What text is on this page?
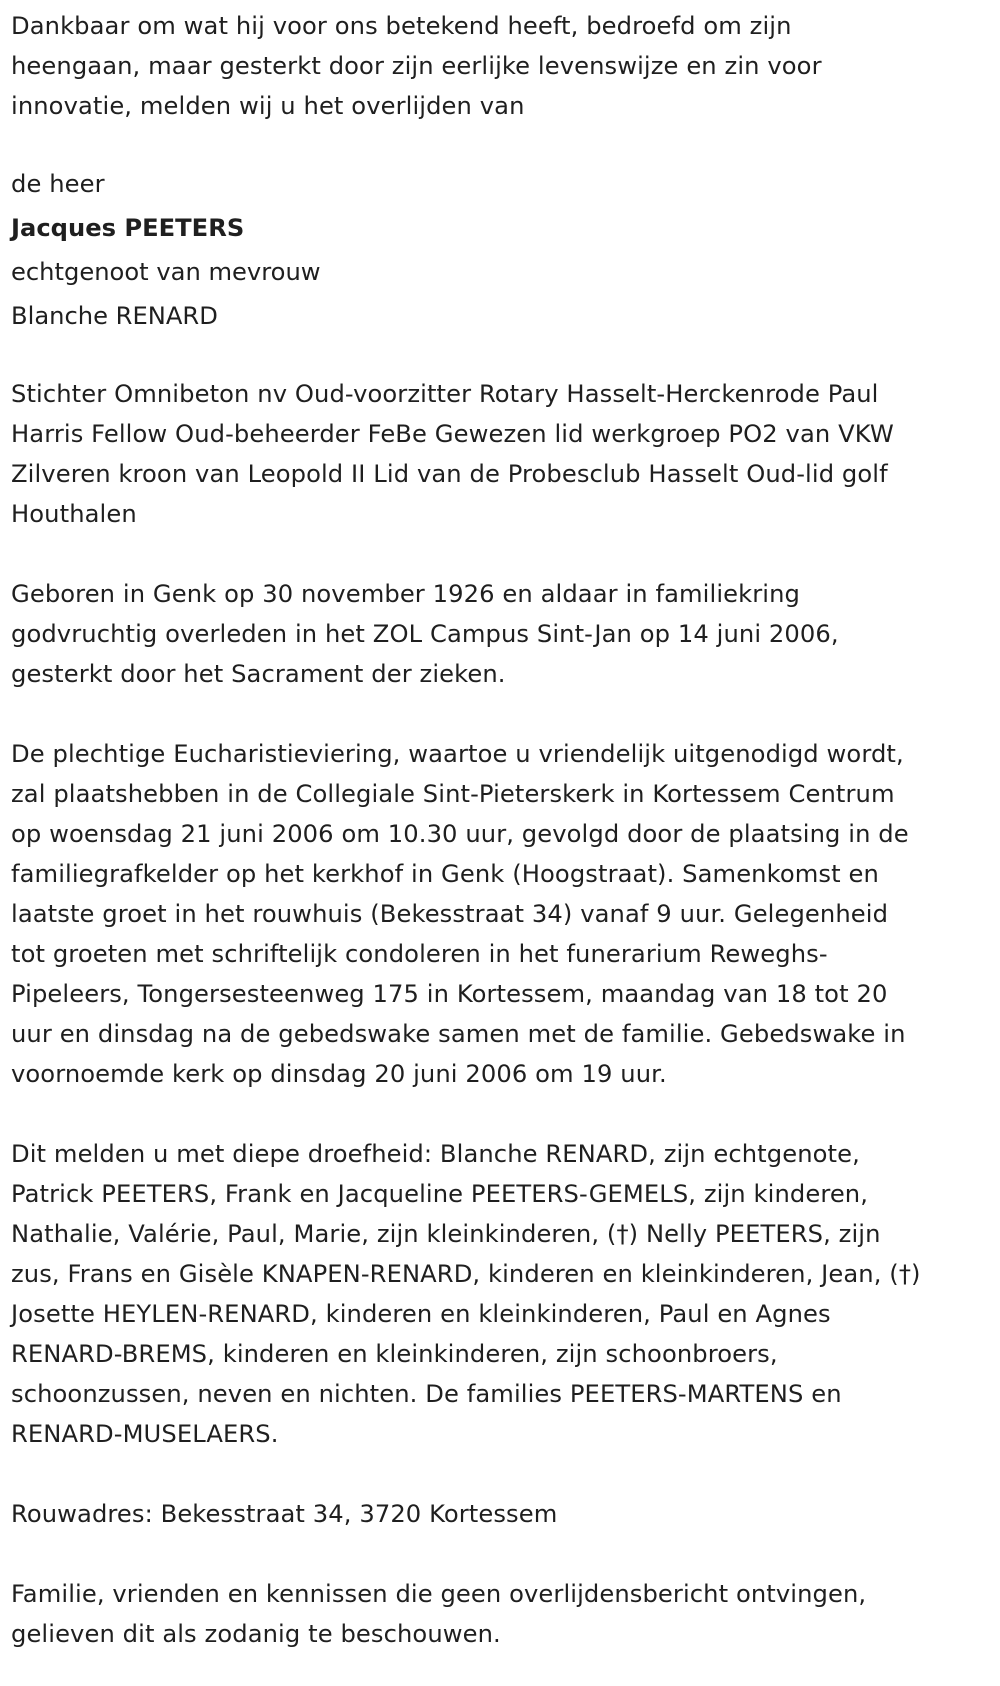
Dankbaar om wat hij voor ons betekend heeft, bedroefd om zijn
heengaan, maar gesterkt door zijn eerlijke levenswijze en zin voor
innovatie, melden wij u het overlijden van
de heer
Jacques PEETERS
echtgenoot van mevrouw
Blanche RENARD
Stichter Omnibeton nv Oud-voorzitter Rotary Hasselt-Herckenrode Paul
Harris Fellow Oud-beheerder FeBe Gewezen lid werkgroep PO2 van VKW
Zilveren kroon van Leopold II Lid van de Probesclub Hasselt Oud-lid golf
Houthalen
Geboren in Genk op 30 november 1926 en aldaar in familiekring
godvruchtig overleden in het ZOL Campus Sint-Jan op 14 juni 2006,
gesterkt door het Sacrament der zieken.
De plechtige Eucharistieviering, waartoe u vriendelijk uitgenodigd wordt,
zal plaatshebben in de Collegiale Sint-Pieterskerk in Kortessem Centrum
op woensdag 21 juni 2006 om 10.30 uur, gevolgd door de plaatsing in de
familiegrafkelder op het kerkhof in Genk (Hoogstraat). Samenkomst en
laatste groet in het rouwhuis (Bekesstraat 34) vanaf 9 uur. Gelegenheid
tot groeten met schriftelijk condoleren in het funerarium Reweghs-
Pipeleers, Tongersesteenweg 175 in Kortessem, maandag van 18 tot 20
uur en dinsdag na de gebedswake samen met de familie. Gebedswake in
voornoemde kerk op dinsdag 20 juni 2006 om 19 uur.
Dit melden u met diepe droefheid: Blanche RENARD, zijn echtgenote,
Patrick PEETERS, Frank en Jacqueline PEETERS-GEMELS, zijn kinderen,
Nathalie, Valérie, Paul, Marie, zijn kleinkinderen, (†) Nelly PEETERS, zijn
zus, Frans en Gisèle KNAPEN-RENARD, kinderen en kleinkinderen, Jean, (†)
Josette HEYLEN-RENARD, kinderen en kleinkinderen, Paul en Agnes
RENARD-BREMS, kinderen en kleinkinderen, zijn schoonbroers,
schoonzussen, neven en nichten. De families PEETERS-MARTENS en
RENARD-MUSELAERS.
Rouwadres: Bekesstraat 34, 3720 Kortessem
Familie, vrienden en kennissen die geen overlijdensbericht ontvingen,
gelieven dit als zodanig te beschouwen.
